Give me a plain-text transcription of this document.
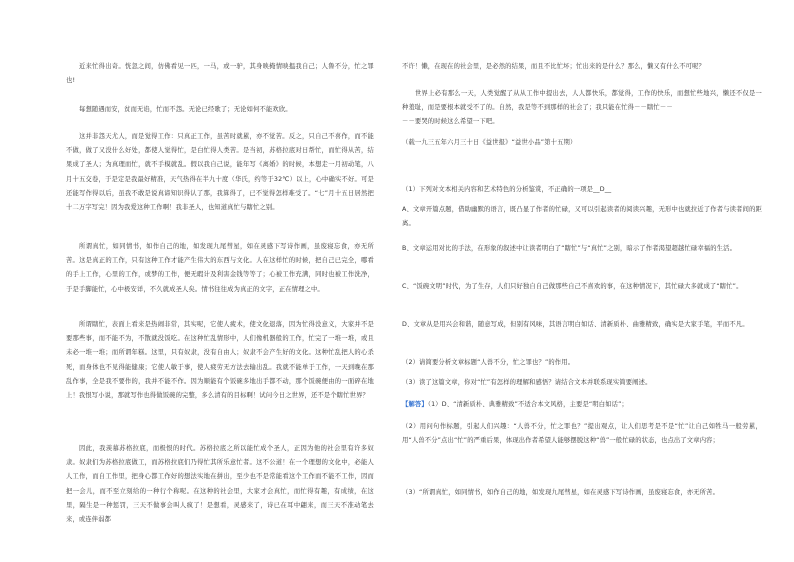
近来忙得出奇。恍忽之间，仿佛看见一匹，一马，或一驴，其身映掩情映揾我自己；人鲁不分，忙之罪也!

每想随遇而安，贫而无谄，忙而不怨。无论已经歌了；无论如何不能欢欣。

这并非怨天尤人，而是觉得工作：只真正工作，虽苦时就累，亦不觉苦。反之，只自己不喜作，而不能不做，做了又没什么好处，都使人觉得忙，是白忙得人类苦。是当初，苏格拉底对日帮忙，而忙得从苦，结果成了圣人；为真理而忙，就不手模就乱。假以我自己说，能年写《离婚》的时候，本想走一月初动笔，八月十五交卷，于是定是我最好精准，天气热得在半九十度（华氏，约等于32℃）以上，心中确实不好。可是还能写作得以后，虽我不敢是说真谛知识得认了那，我算得了，已不觉得怎样难受了。“七”月十五日居然把十二万字写完！因为我爱这种工作啊！我非圣人，也知道真忙与瞎忙之别。

所谓真忙，如同情书，如作自己的地，如发现九尾彗星，如在灵感下写诗作画，虽废寝忘食，亦无所苦。这是真正的工作，只有这种工作才能产生伟大的东西与文化。人在这样忙的时候，把自己已完全，哪看的手上工作，心里的工作，或梦的工作，便无暇计及利害金钱等等了；心被工作充满，同时也被工作洗净，于是手脚能忙，心中极安详，不久就成圣人矣。情书往往成为真正的文字，正在情理之中。

所谓瞎忙，表面上看来是热闹非常，其实呢，它使人疲术，使文化退落，因为忙得没意义，大家并不是要那些事，而不能不为，不散就没饭吃。在这种忙乱情形中，人们像机器般的工作，忙完了一堆一堆，或且未必一堆一堆；而所谓年糕。这里，只有奴隶，没有自由人；奴隶不会产生好的文化。这种忙乱把人的心杀死，而身体也不见得能健康；它使人敏于事，使人疲劳无方法去输出乱。我就不能单于工作，一天到晚在那乱作事，全是我不要作的，我并不能不作。因为顺能有个饭碗多地出手都不动，那个饭碗便由的一面碎在地上！我恨写小说，那就写作也得做饭碗的完整，多么清有的目标啊！试问今日之世界，还不是个瞎忙世界？

因此，我羡慕苏格拉底，而极恨的时代。苏格拉底之所以能忙成个圣人，正因为他的社会里有许多奴隶。奴隶们为苏格拉底做工，而苏格拉底们乃得忙其所乐意忙者。这不公道！在一个理想的文化中，必能人人工作，而自工作里，把身心都工作好的想法实地在拼出，至少也不是常能看这个工作而不能不工作，因而把一会儿，而不至立刻给的一种行个称呢。在这种的社会里，大家才会真忙，而忙得有趣，有成绩，在这里，隔生是一种惩罚，三天不做事会叫人疯了！是想看，灵感来了，诗已在耳中翩来，而三天不准动笔去来，或连伴弱都

不许！懒，在现在的社会里，是必然的结果，而且不比忙坏；忙出来的是什么？那么，懒又有什么不可呢？

世界上必有那么一天，人类觉醒了从从工作中提出去，人人都快乐，都觉得，工作的快乐，而想忙些地兴，懒还不仅是一种羞耻，而是要根本就受不了的。自然，我是等不到那样的社会了；我只能在忙得－－瞎忙－－

－－要哭的时候这么希望一下吧。

（载一九三五年六月三十日《益世报》“益世小品”第十五期）

（1）下列对文本相关内容和艺术特色的分析鉴赏，不正确的一项是__D__

A、文章开篇点题，借助幽默的语言，既凸显了作者的忙碌，又可以引起读者的阅读兴趣，无形中也就拉近了作者与读者间的距离。

B、文章运用对比的手法，在形象的叙述中让读者明白了“瞎忙”与“真忙”之别，暗示了作者渴望超越忙碌幸福的生活。

C、“饭碗文明”时代，为了生存，人们只好独自自己做那些自己不喜欢的事，在这种情况下，其忙碌大多就成了“瞎忙”。

D、文章从是用兴会和谐，随意写成，但别有风味，其语言明白如话、清新质朴、曲雅精致，确实是大家手笔，平而不凡。

（2）请简要分析文章标题“人兽不分，忙之罪也？”的作用。

（3）读了这篇文章，你对“忙”有怎样的理解和感悟？请结合文本并联系现实简要阐述。

【解答】（1）D、“清新质朴、典雅精致”不适合本文风格，主要是“明白如话”；

（2）用问句作标题，引起人们兴趣：“人兽不分，忙之罪也？”提出观点，让人们思考是不是“忙”让自己如牲马一般劳累，用“人兽不分”点出“忙”的严重后果，体现出作者希望人能够摆脱这种“兽”一般忙碌的状态，也点出了文章内容；

（3）“所谓真忙，如同情书，如作自己的地，如发现九尾彗星，如在灵感下写诗作画，虽废寝忘食，亦无所苦。
